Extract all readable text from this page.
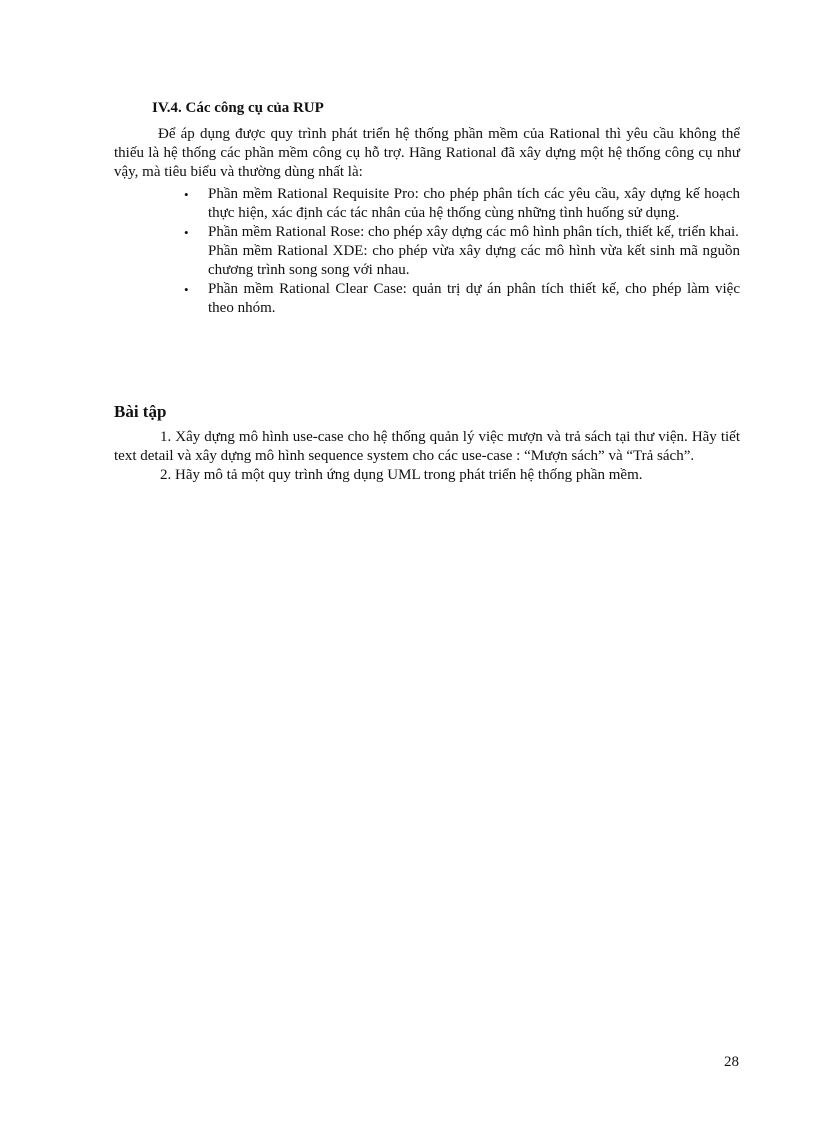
IV.4. Các công cụ của RUP

Để áp dụng được quy trình phát triển hệ thống phần mềm của Rational thì yêu cầu không thể thiếu là hệ thống các phần mềm công cụ hỗ trợ. Hãng Rational đã xây dựng một hệ thống công cụ như vậy, mà tiêu biểu và thường dùng nhất là:

• Phần mềm Rational Requisite Pro: cho phép phân tích các yêu cầu, xây dựng kế hoạch thực hiện, xác định các tác nhân của hệ thống cùng những tình huống sử dụng.
• Phần mềm Rational Rose: cho phép xây dựng các mô hình phân tích, thiết kế, triển khai.
Phần mềm Rational XDE: cho phép vừa xây dựng các mô hình vừa kết sinh mã nguồn chương trình song song với nhau.
• Phần mềm Rational Clear Case: quản trị dự án phân tích thiết kế, cho phép làm việc theo nhóm.
Bài tập

1. Xây dựng mô hình use-case cho hệ thống quản lý việc mượn và trả sách tại thư viện. Hãy tiết text detail và xây dựng mô hình sequence system cho các use-case : “Mượn sách” và “Trả sách”.

2. Hãy mô tả một quy trình ứng dụng UML trong phát triển hệ thống phần mềm.

28
